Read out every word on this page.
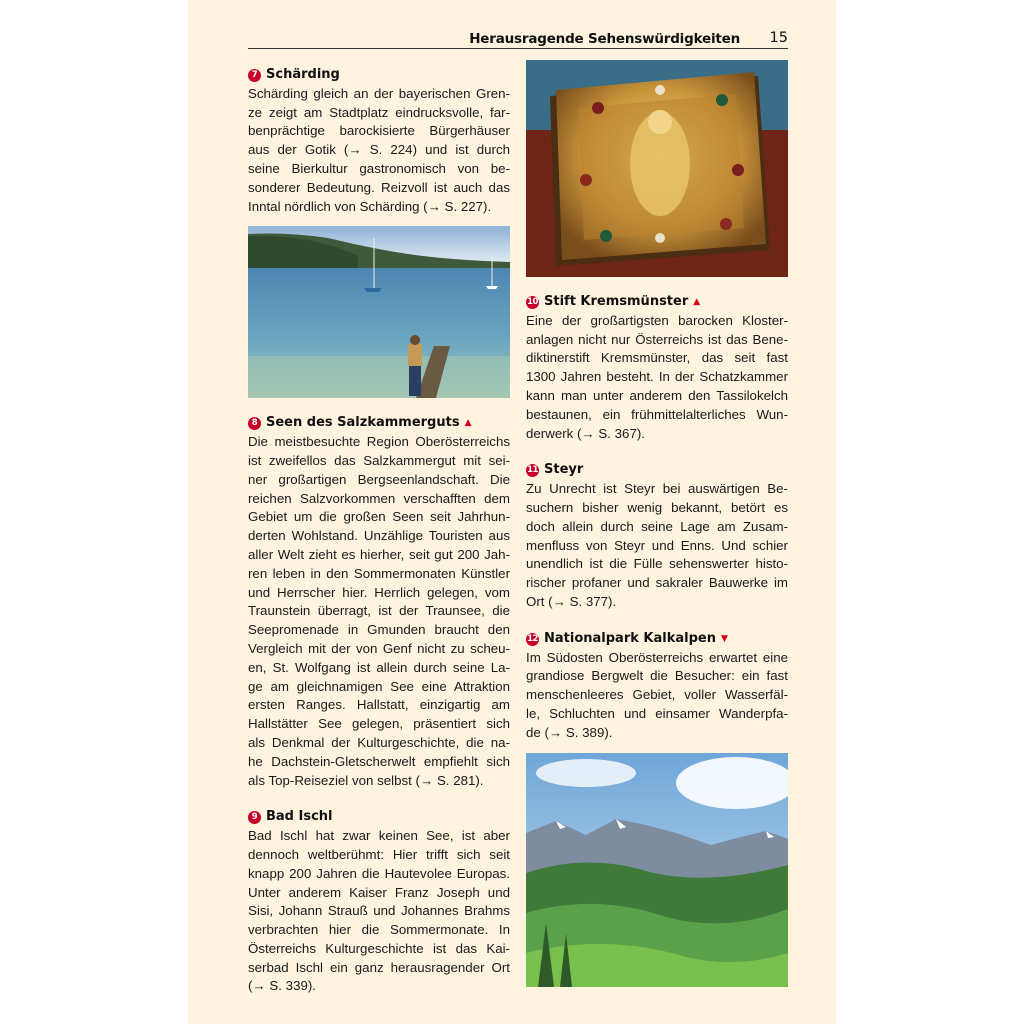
Herausragende Sehenswürdigkeiten 15
7 Schärding
Schärding gleich an der bayerischen Gren-
ze zeigt am Stadtplatz eindrucksvolle, far-
benprächtige barockisierte Bürgerhäuser
aus der Gotik (→ S. 224) und ist durch
seine Bierkultur gastronomisch von be-
sonderer Bedeutung. Reizvoll ist auch das
Inntal nördlich von Schärding (→ S. 227).
8 Seen des Salzkammerguts ▲
Die meistbesuchte Region Oberösterreichs
ist zweifellos das Salzkammergut mit sei-
ner großartigen Bergseenlandschaft. Die
reichen Salzvorkommen verschafften dem
Gebiet um die großen Seen seit Jahrhun-
derten Wohlstand. Unzählige Touristen aus
aller Welt zieht es hierher, seit gut 200 Jah-
ren leben in den Sommermonaten Künstler
und Herrscher hier. Herrlich gelegen, vom
Traunstein überragt, ist der Traunsee, die
Seepromenade in Gmunden braucht den
Vergleich mit der von Genf nicht zu scheu-
en, St. Wolfgang ist allein durch seine La-
ge am gleichnamigen See eine Attraktion
ersten Ranges. Hallstatt, einzigartig am
Hallstätter See gelegen, präsentiert sich
als Denkmal der Kulturgeschichte, die na-
he Dachstein-Gletscherwelt empfiehlt sich
als Top-Reiseziel von selbst (→ S. 281).
9 Bad Ischl
Bad Ischl hat zwar keinen See, ist aber
dennoch weltberühmt: Hier trifft sich seit
knapp 200 Jahren die Hautevolee Europas.
Unter anderem Kaiser Franz Joseph und
Sisi, Johann Strauß und Johannes Brahms
verbrachten hier die Sommermonate. In
Österreichs Kulturgeschichte ist das Kai-
serbad Ischl ein ganz herausragender Ort
(→ S. 339).
10 Stift Kremsmünster ▲
Eine der großartigsten barocken Kloster-
anlagen nicht nur Österreichs ist das Bene-
diktinerstift Kremsmünster, das seit fast
1300 Jahren besteht. In der Schatzkammer
kann man unter anderem den Tassilokelch
bestaunen, ein frühmittelalterliches Wun-
derwerk (→ S. 367).
11 Steyr
Zu Unrecht ist Steyr bei auswärtigen Be-
suchern bisher wenig bekannt, betört es
doch allein durch seine Lage am Zusam-
menfluss von Steyr und Enns. Und schier
unendlich ist die Fülle sehenswerter histo-
rischer profaner und sakraler Bauwerke im
Ort (→ S. 377).
12 Nationalpark Kalkalpen ▼
Im Südosten Oberösterreichs erwartet eine
grandiose Bergwelt die Besucher: ein fast
menschenleeres Gebiet, voller Wasserfäl-
le, Schluchten und einsamer Wanderpfa-
de (→ S. 389).
